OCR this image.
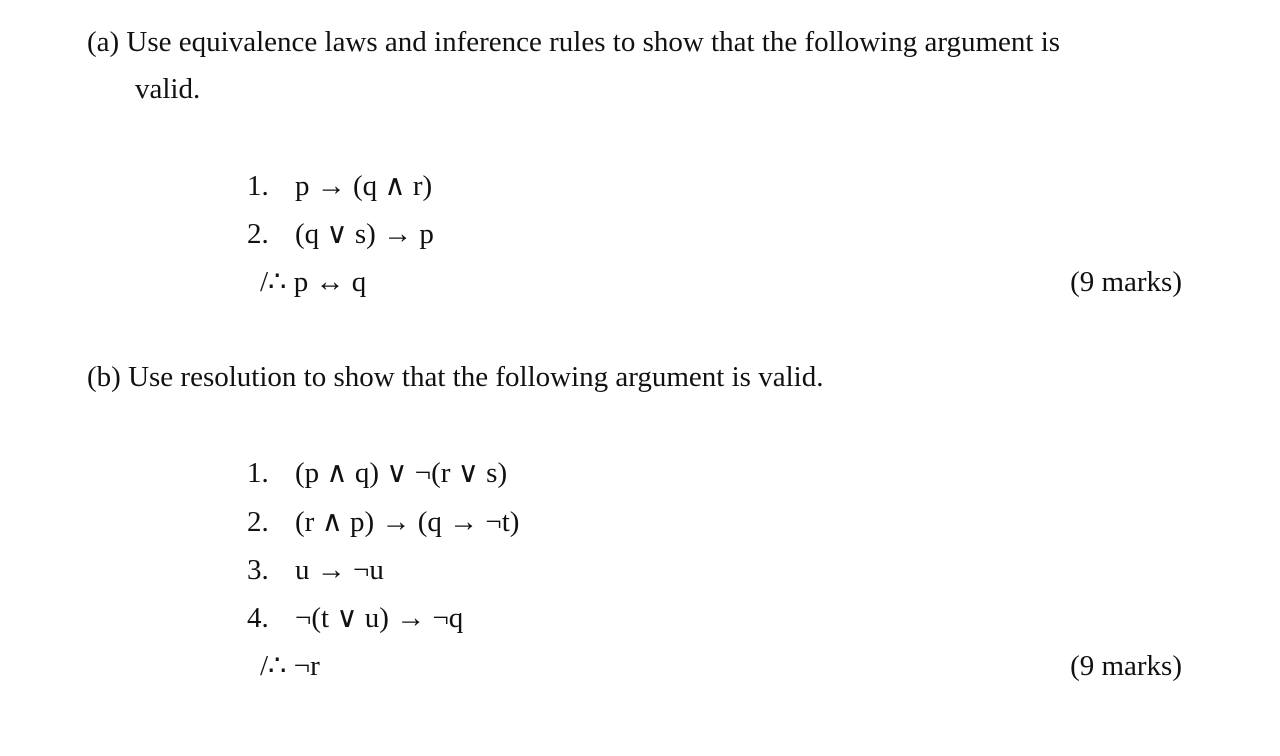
(a) Use equivalence laws and inference rules to show that the following argument is
valid.
1. p → (q ∧ r)
2. (q ∨ s) → p
/∴ p ↔ q	(9 marks)
(b) Use resolution to show that the following argument is valid.
1. (p ∧ q) ∨ ¬(r ∨ s)
2. (r ∧ p) → (q → ¬t)
3. u → ¬u
4. ¬(t ∨ u) → ¬q
/∴ ¬r	(9 marks)
